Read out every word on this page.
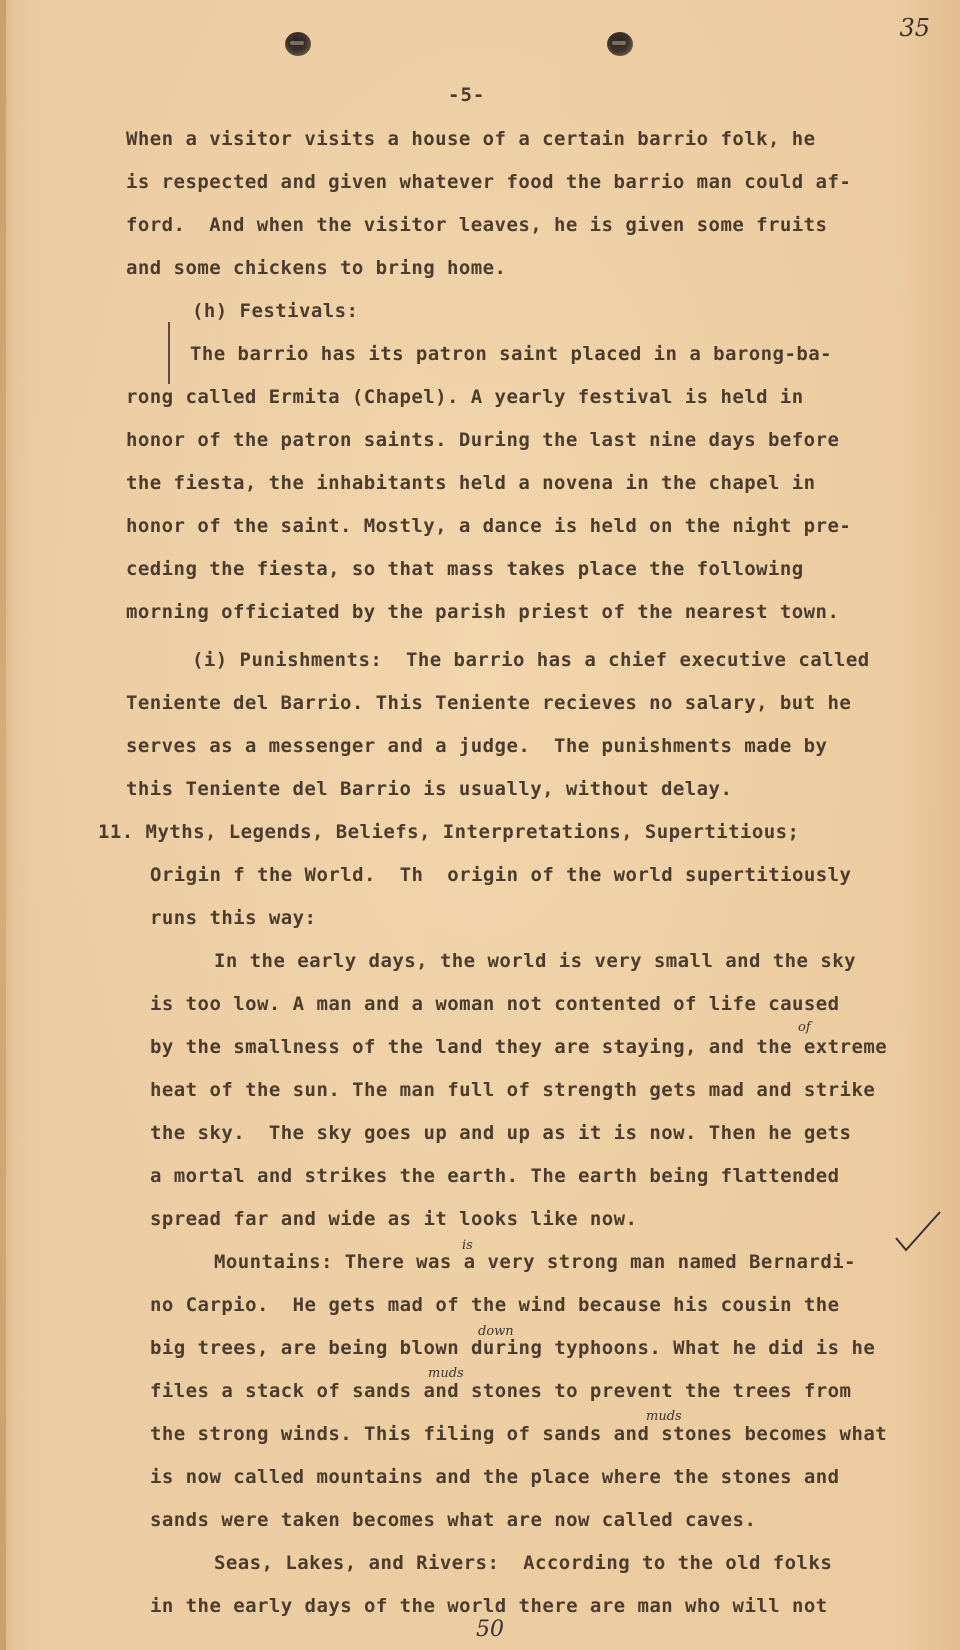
35
-5-
When a visitor visits a house of a certain barrio folk, he
is respected and given whatever food the barrio man could af-
ford.  And when the visitor leaves, he is given some fruits
and some chickens to bring home.
(h) Festivals:
The barrio has its patron saint placed in a barong-ba-
rong called Ermita (Chapel). A yearly festival is held in
honor of the patron saints. During the last nine days before
the fiesta, the inhabitants held a novena in the chapel in
honor of the saint. Mostly, a dance is held on the night pre-
ceding the fiesta, so that mass takes place the following
morning officiated by the parish priest of the nearest town.
(i) Punishments:  The barrio has a chief executive called
Teniente del Barrio. This Teniente recieves no salary, but he
serves as a messenger and a judge.  The punishments made by
this Teniente del Barrio is usually, without delay.
11. Myths, Legends, Beliefs, Interpretations, Supertitious;
Origin f the World.  Th  origin of the world supertitiously
runs this way:
In the early days, the world is very small and the sky
is too low. A man and a woman not contented of life caused
by the smallness of the land they are staying, and the extreme
heat of the sun. The man full of strength gets mad and strike
the sky.  The sky goes up and up as it is now. Then he gets
a mortal and strikes the earth. The earth being flattended
spread far and wide as it looks like now.
Mountains: There was a very strong man named Bernardi-
no Carpio.  He gets mad of the wind because his cousin the
big trees, are being blown during typhoons. What he did is he
files a stack of sands and stones to prevent the trees from
the strong winds. This filing of sands and stones becomes what
is now called mountains and the place where the stones and
sands were taken becomes what are now called caves.
Seas, Lakes, and Rivers:  According to the old folks
in the early days of the world there are man who will not
of
is
down
muds
muds
50
